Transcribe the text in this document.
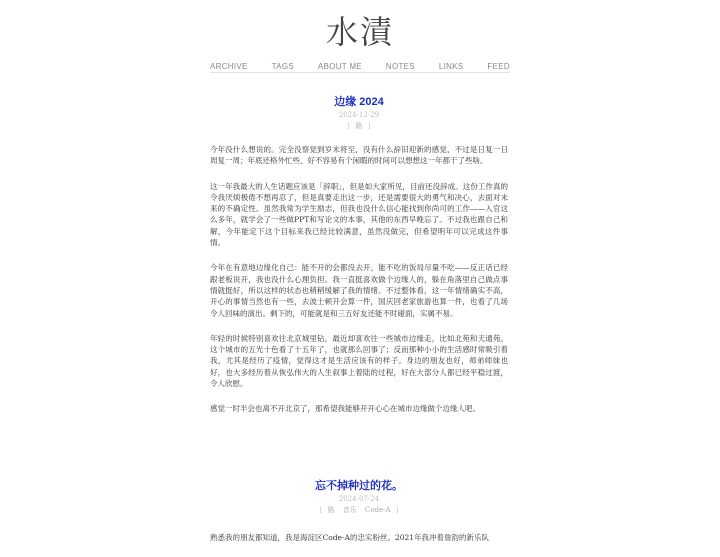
水漬
ARCHIVE	TAGS	ABOUT ME	NOTES	LINKS	FEED
边缘 2024
2024-12-29
[ 路 ]

今年没什么想说的。完全没察觉到岁末将至，没有什么辞旧迎新的感觉，不过是日复一日周复一周；年底还格外忙些，好不容易有个闲暇的时间可以想想这一年都干了些啥。

这一年我最大的人生话题应该是「辞职」，但是如大家所见，目前还没辞成。这份工作真的令我厌烦极倦不想再忍了，但是真要走出这一步，还是需要很大的勇气和决心，去面对未来的不确定性。虽然我常为学生励志，但我也没什么信心能找到你尚可的工作——入官这么多年，就学会了一些做PPT和写论文的本事，其他的东西早晚忘了。不过我也跟自己和解，今年能定下这个目标来我已经比较满意，虽然没做完，但希望明年可以完成这件事情。

今年在有意地边缘化自己：能不开的会都没去开，能不吃的饭局尽量不吃——反正话已经跟老板说开，我也没什么心理负担。我一直挺喜欢做个边缘人的，躲在角落里自己做点事情就挺好，所以这样的状态也稍稍缓解了我的情绪。不过整体看，这一年情绪确实不高，开心的事情当然也有一些，去波士顿开会算一件，国庆回老家旅游也算一件，也看了几场令人回味的演出。剩下的，可能就是和三五好友还能不时碰面，实属不易。

年轻的时候特别喜欢往北京城里钻，最近却喜欢往一些城市边缘走，比如北苑和天通苑。这个城市的五光十色看了十五年了，也就那么回事了；反而那种小小的生活感时常吸引着我，尤其是经历了疫情，觉得这才是生活应该有的样子。身边的朋友也好，师弟师妹也好，也大多经历着从恢弘伟大的人生叙事上着陆的过程，好在大部分人都已经平稳过渡，令人欣慰。

感觉一时半会也离不开北京了，那希望我能够开开心心在城市边缘做个边缘人吧。

忘不掉种过的花。
2024-07-24
[ 路 音乐 Code-A ]

熟悉我的朋友都知道，我是海淀区Code-A的忠实粉丝。2021年我冲着詹韵的新乐队
